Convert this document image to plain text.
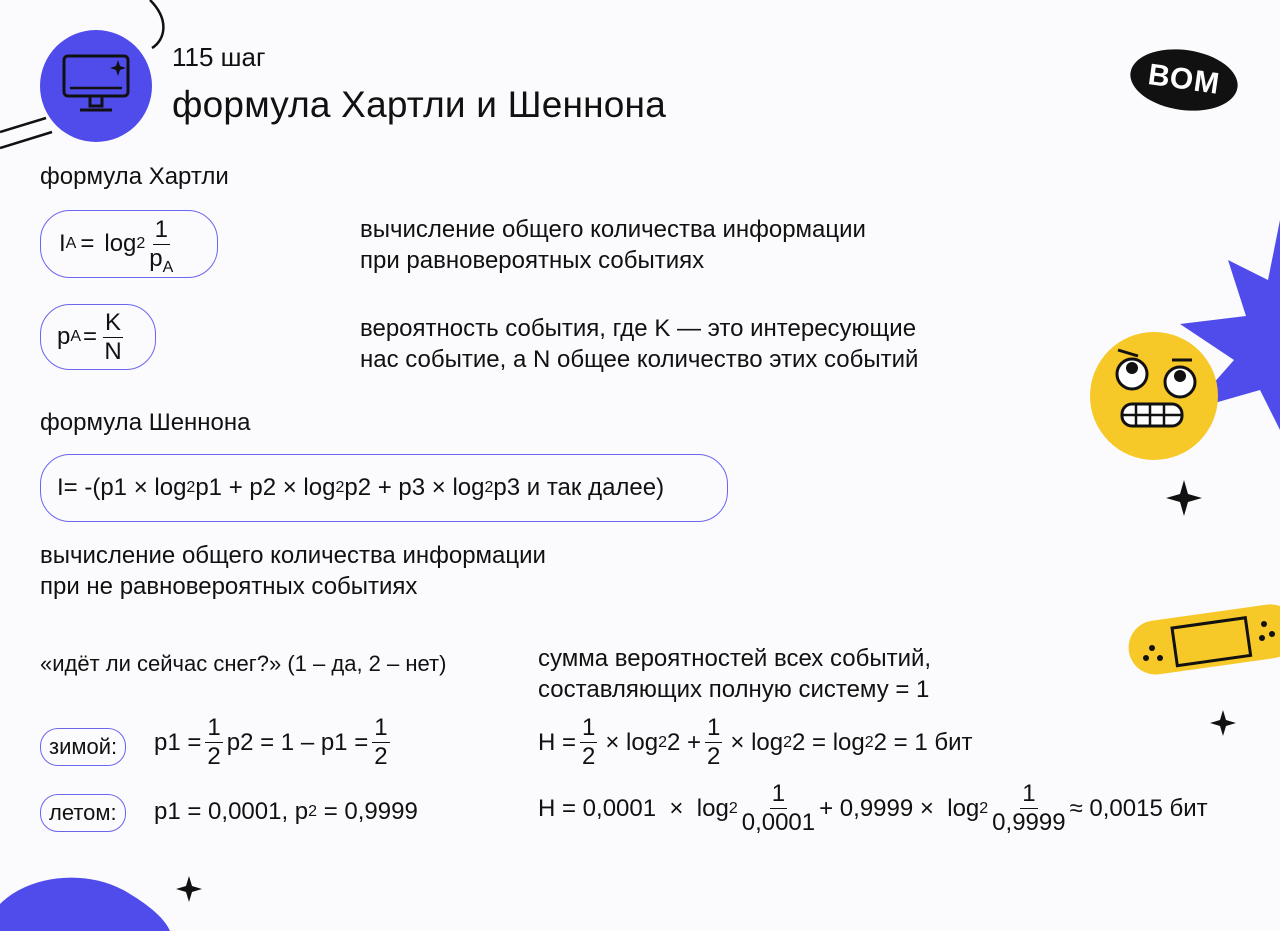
115 шаг
формула Хартли и Шеннона
ВОМ
формула Хартли
I $A = \log 2 \frac{1}{p_A}$	вычисление общего количества информации
при равновероятных событиях
p $A = \frac{K}{N}$	вероятность события, где K — это интересующие
нас событие, а N общее количество этих событий
формула Шеннона
I= -(p1 × log 2 p1 + p2 × log 2 p2 + p3 × log 2 p3 и так далее)
вычисление общего количества информации
при не равновероятных событиях
«идёт ли сейчас снег?» (1 – да, 2 – нет)	сумма вероятностей всех событий,
составляющих полную систему = 1
зимой:	$p1 = \frac{1}{2} p2 = 1 - p1 = \frac{1}{2}$	$H = \frac{1}{2} \times \log 2$ $2 + \frac{1}{2} \times \log 2$ 2 = log 2 2 = 1 бит
летом:	p1 = 0,0001, p 2 = 0,9999	$H = 0,0001 \times \log 2 \frac{1}{0,0001} + 0,9999 \times \log 2 \frac{1}{0,9999} \approx 0,0015$ бит
